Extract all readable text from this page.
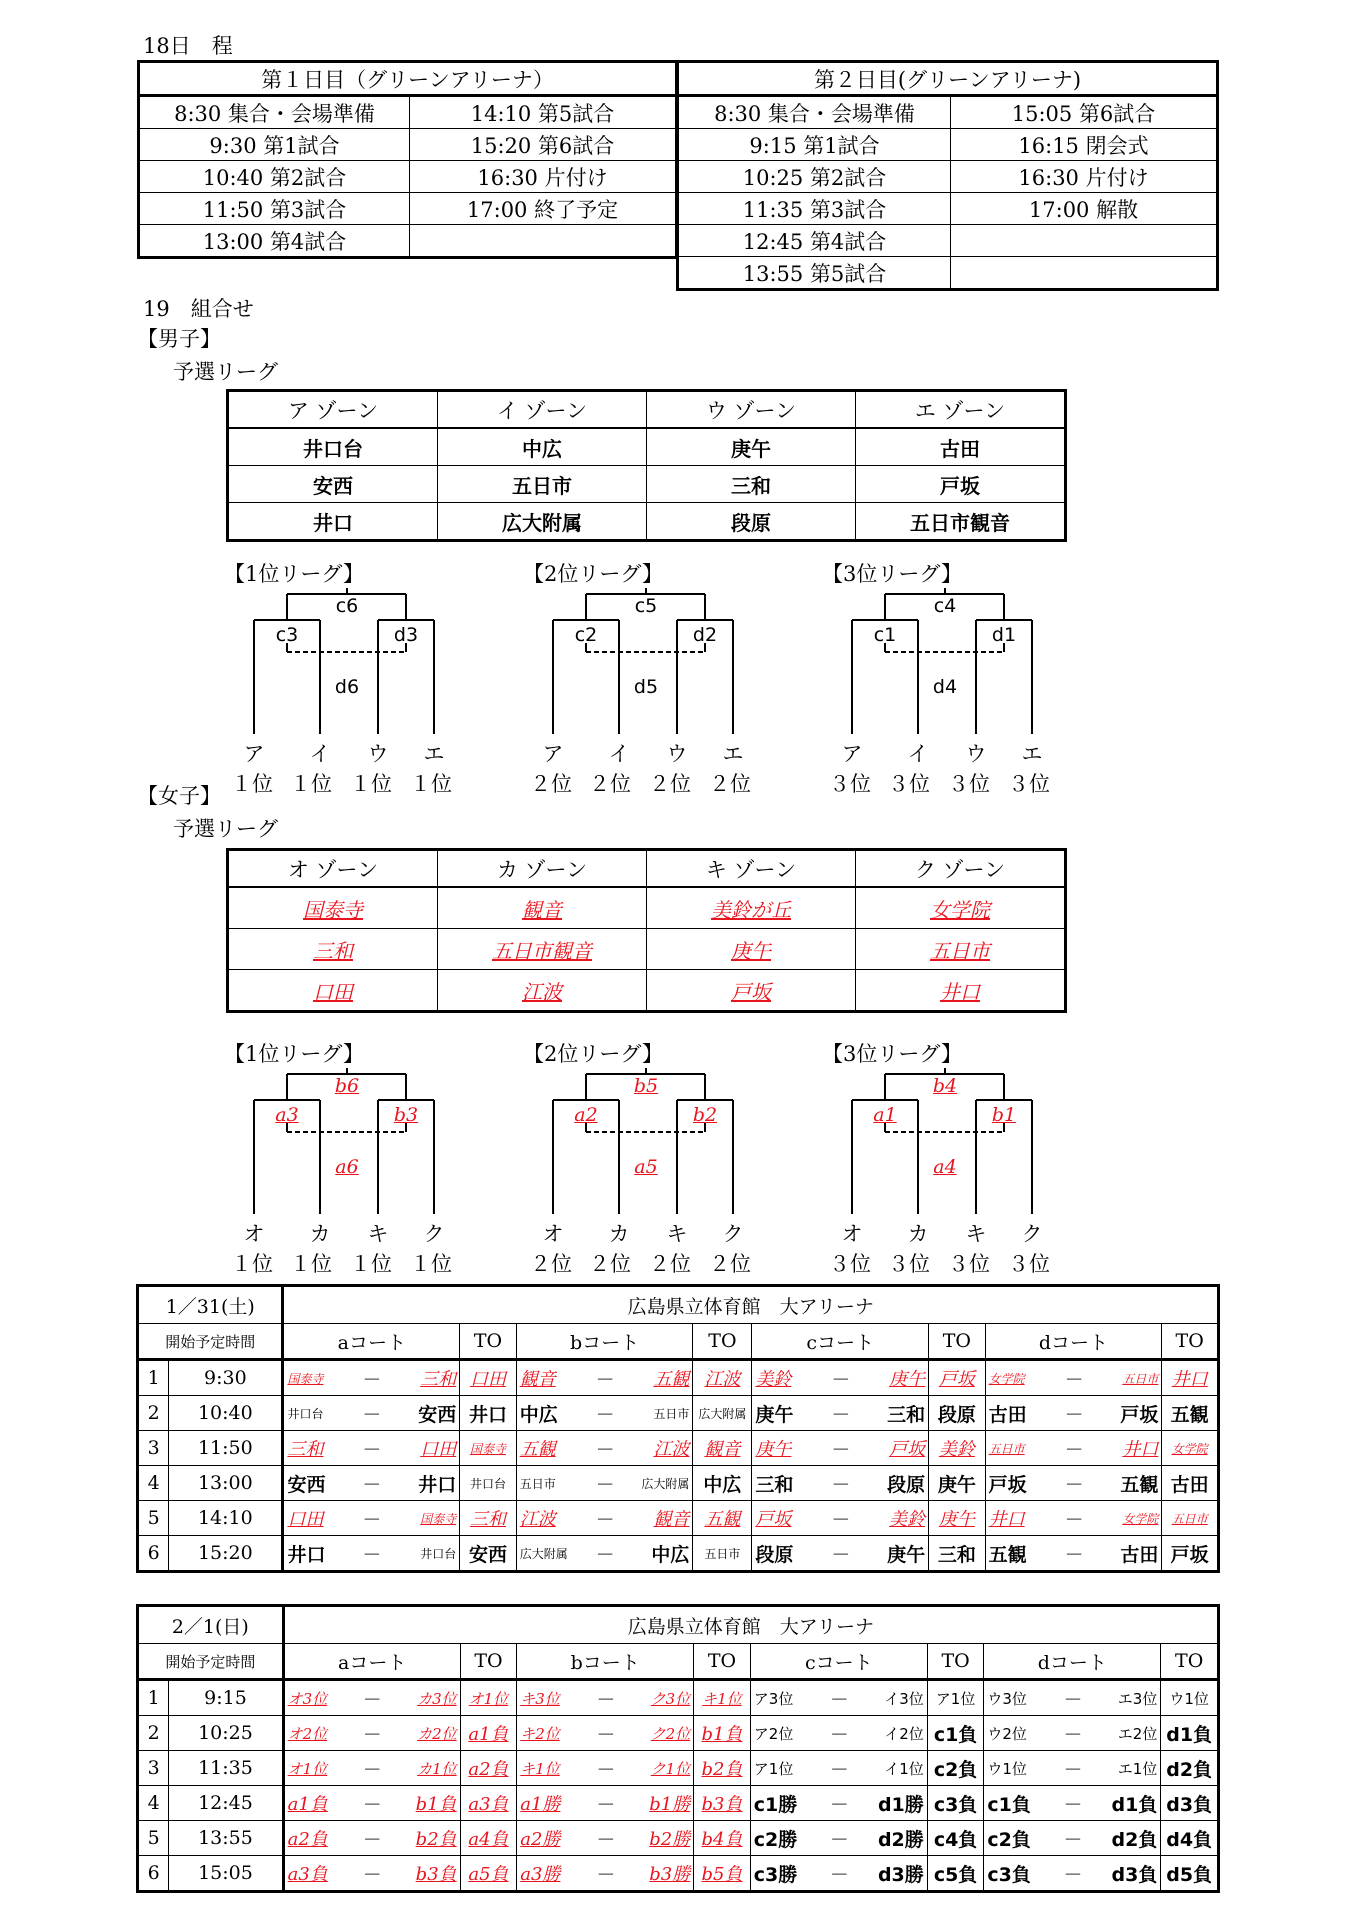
18日　程
第１日目（グリーンアリーナ）	
8:30 集合・会場準備	14:10 第5試合
9:30 第1試合	15:20 第6試合
10:40 第2試合	16:30 片付け
11:50 第3試合	17:00 終了予定
13:00 第4試合	
第２日目(グリーンアリーナ)	
8:30 集合・会場準備	15:05 第6試合
9:15 第1試合	16:15 閉会式
10:25 第2試合	16:30 片付け
11:35 第3試合	17:00 解散
12:45 第4試合	
13:55 第5試合	
19　組合せ
【男子】
予選リーグ
ア ゾーン	イ ゾーン	ウ ゾーン	エ ゾーン
井口台	中広	庚午	古田
安西	五日市	三和	戸坂
井口	広大附属	段原	五日市観音
【1位リーグ】
c6
c3	d3
d6
ア	イ	ウ	エ
１位 １位 １位 １位
【2位リーグ】
c5
c2	d2
d5
ア	イ	ウ	エ
２位 ２位 ２位 ２位
【3位リーグ】
c4
c1	d1
d4
ア	イ	ウ	エ
３位 ３位 ３位 ３位
【女子】
予選リーグ
オ ゾーン	カ ゾーン	キ ゾーン	ク ゾーン
国泰寺	観音	美鈴が丘	女学院
三和	五日市観音	庚午	五日市
口田	江波	戸坂	井口
【1位リーグ】
b6
a3	b3
a6
オ	カ	キ	ク
１位 １位 １位 １位
【2位リーグ】
b5
a2	b2
a5
オ	カ	キ	ク
２位 ２位 ２位 ２位
【3位リーグ】
b4
a1	b1
a4
オ	カ	キ	ク
３位 ３位 ３位 ３位
1／31(土)		広島県立体育館　大アリーナ															
開始予定時間		aコート			TO	bコート			TO	cコート			TO	dコート			TO
1	9:30	国泰寺	－	三和	口田	観音	－	五観	江波	美鈴	－	庚午	戸坂	女学院	－	五日市	井口
2	10:40	井口台	－	安西	井口	中広	－	五日市	広大附属	庚午	－	三和	段原	古田	－	戸坂	五観
3	11:50	三和	－	口田	国泰寺	五観	－	江波	観音	庚午	－	戸坂	美鈴	五日市	－	井口	女学院
4	13:00	安西	－	井口	井口台	五日市	－	広大附属	中広	三和	－	段原	庚午	戸坂	－	五観	古田
5	14:10	口田	－	国泰寺	三和	江波	－	観音	五観	戸坂	－	美鈴	庚午	井口	－	女学院	五日市
6	15:20	井口	－	井口台	安西	広大附属	－	中広	五日市	段原	－	庚午	三和	五観	－	古田	戸坂
2／1(日)		広島県立体育館　大アリーナ															
開始予定時間		aコート			TO	bコート			TO	cコート			TO	dコート			TO
1	9:15	オ3位	－	カ3位	オ1位	キ3位	－	ク3位	キ1位	ア3位	－	イ3位	ア1位	ウ3位	－	エ3位	ウ1位
2	10:25	オ2位	－	カ2位	a1負	キ2位	－	ク2位	b1負	ア2位	－	イ2位	c1負	ウ2位	－	エ2位	d1負
3	11:35	オ1位	－	カ1位	a2負	キ1位	－	ク1位	b2負	ア1位	－	イ1位	c2負	ウ1位	－	エ1位	d2負
4	12:45	a1負	－	b1負	a3負	a1勝	－	b1勝	b3負	c1勝	－	d1勝	c3負	c1負	－	d1負	d3負
5	13:55	a2負	－	b2負	a4負	a2勝	－	b2勝	b4負	c2勝	－	d2勝	c4負	c2負	－	d2負	d4負
6	15:05	a3負	－	b3負	a5負	a3勝	－	b3勝	b5負	c3勝	－	d3勝	c5負	c3負	－	d3負	d5負
